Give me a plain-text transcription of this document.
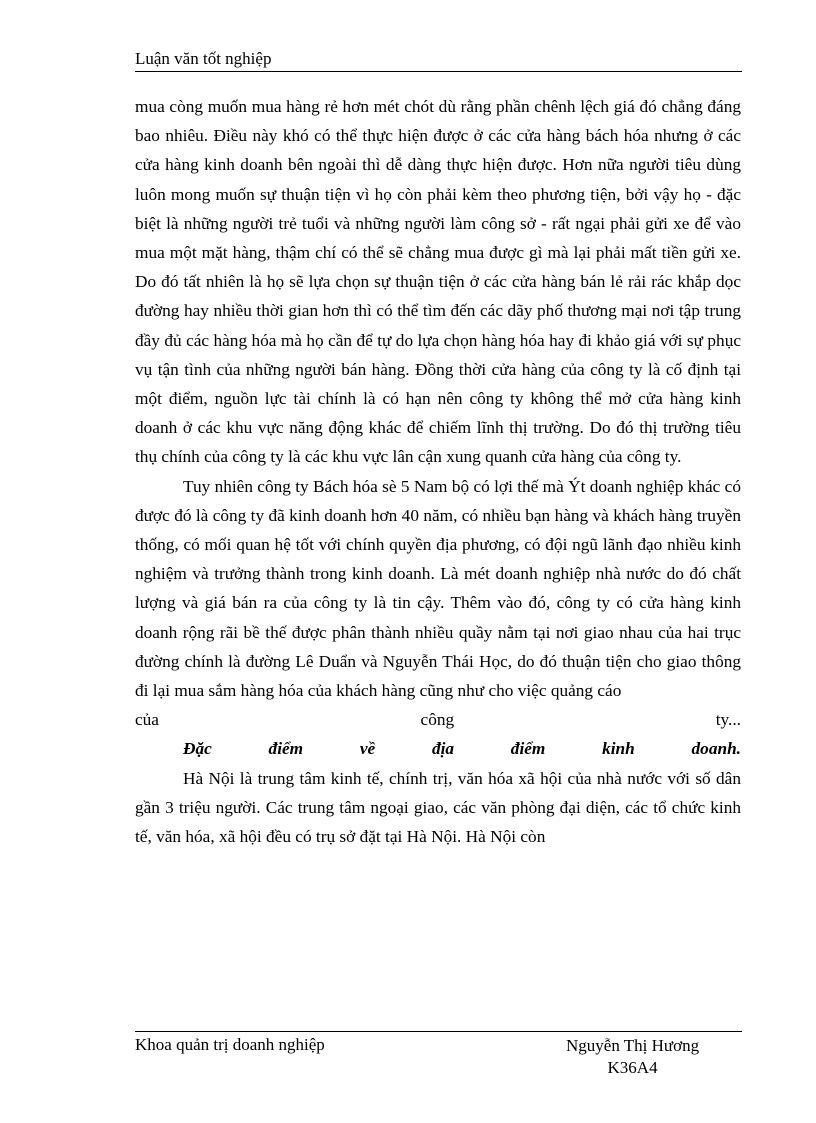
Luận văn tốt nghiệp

mua còng muốn mua hàng rẻ hơn mét chót dù rằng phần chênh lệch giá đó chẳng đáng bao nhiêu. Điều này khó có thể thực hiện được ở các cửa hàng bách hóa nhưng ở các cửa hàng kinh doanh bên ngoài thì dễ dàng thực hiện được. Hơn nữa người tiêu dùng luôn mong muốn sự thuận tiện vì họ còn phải kèm theo phương tiện, bởi vậy họ - đặc biệt là những người trẻ tuổi và những người làm công sở - rất ngại phải gửi xe để vào mua một mặt hàng, thậm chí có thể sẽ chẳng mua được gì mà lại phải mất tiền gửi xe. Do đó tất nhiên là họ sẽ lựa chọn sự thuận tiện ở các cửa hàng bán lẻ rải rác khắp dọc đường hay nhiều thời gian hơn thì có thể tìm đến các dãy phố thương mại nơi tập trung đầy đủ các hàng hóa mà họ cần để tự do lựa chọn hàng hóa hay đi khảo giá với sự phục vụ tận tình của những người bán hàng. Đồng thời cửa hàng của công ty là cố định tại một điểm, nguồn lực tài chính là có hạn nên công ty không thể mở cửa hàng kinh doanh ở các khu vực năng động khác để chiếm lĩnh thị trường. Do đó thị trường tiêu thụ chính của công ty là các khu vực lân cận xung quanh cửa hàng của công ty.

Tuy nhiên công ty Bách hóa sè 5 Nam bộ có lợi thế mà Ýt doanh nghiệp khác có được đó là công ty đã kinh doanh hơn 40 năm, có nhiều bạn hàng và khách hàng truyền thống, có mối quan hệ tốt với chính quyền địa phương, có đội ngũ lãnh đạo nhiều kinh nghiệm và trưởng thành trong kinh doanh. Là mét doanh nghiệp nhà nước do đó chất lượng và giá bán ra của công ty là tin cậy. Thêm vào đó, công ty có cửa hàng kinh doanh rộng rãi bề thế được phân thành nhiều quầy nằm tại nơi giao nhau của hai trục đường chính là đường Lê Duẩn và Nguyễn Thái Học, do đó thuận tiện cho giao thông đi lại mua sắm hàng hóa của khách hàng cũng như cho việc quảng cáo

của	công	ty...
Đặc	điểm	về	địa	điểm	kinh	doanh.

Hà Nội là trung tâm kinh tế, chính trị, văn hóa xã hội của nhà nước với số dân gần 3 triệu người. Các trung tâm ngoại giao, các văn phòng đại diện, các tổ chức kinh tế, văn hóa, xã hội đều có trụ sở đặt tại Hà Nội. Hà Nội còn

Khoa quản trị doanh nghiệp	Nguyễn Thị Hương
K36A4
